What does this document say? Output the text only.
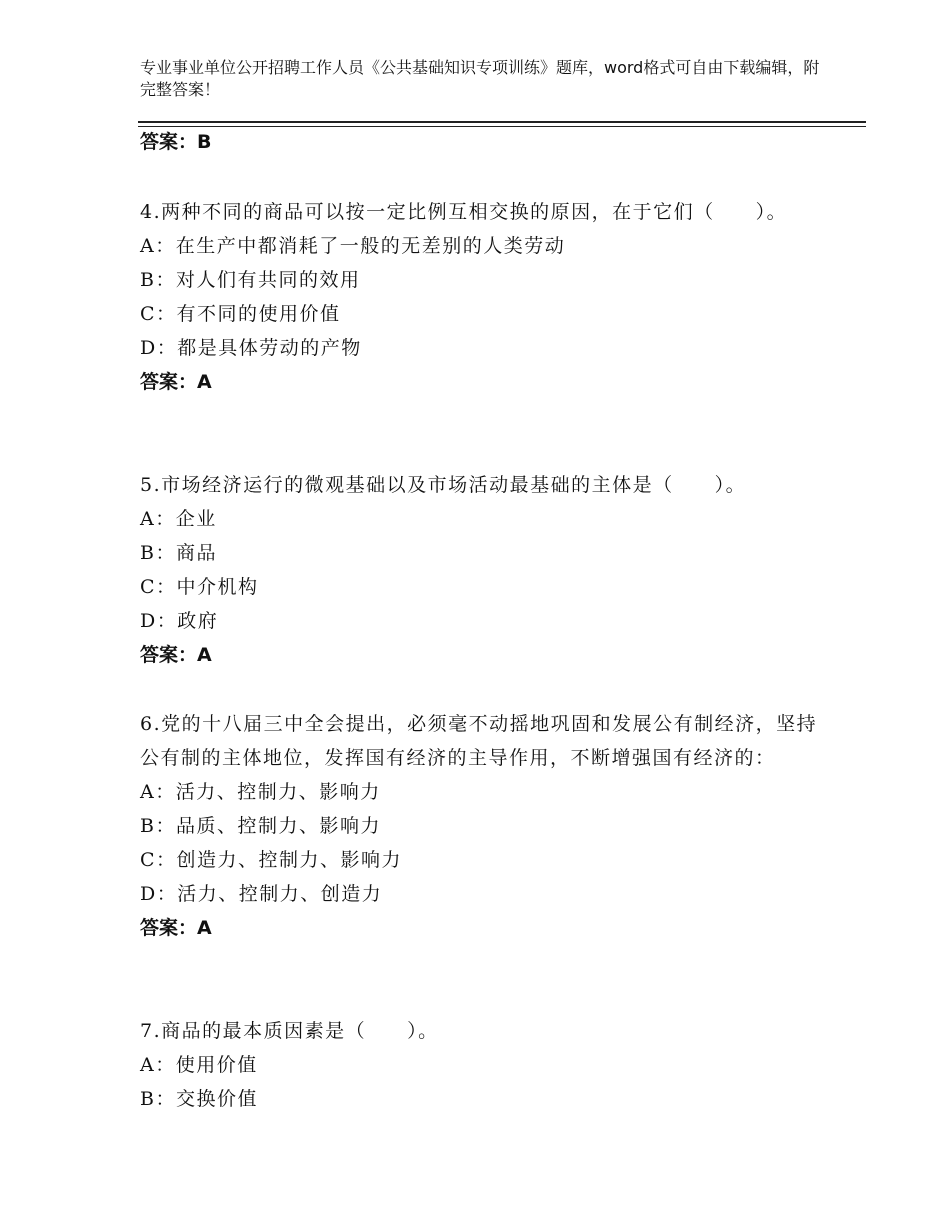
专业事业单位公开招聘工作人员《公共基础知识专项训练》题库，word格式可自由下载编辑，附完整答案！
答案：B
4.两种不同的商品可以按一定比例互相交换的原因，在于它们（　　）。
A：在生产中都消耗了一般的无差别的人类劳动
B：对人们有共同的效用
C：有不同的使用价值
D：都是具体劳动的产物
答案：A
5.市场经济运行的微观基础以及市场活动最基础的主体是（　　）。
A：企业
B：商品
C：中介机构
D：政府
答案：A
6.党的十八届三中全会提出，必须毫不动摇地巩固和发展公有制经济，坚持公有制的主体地位，发挥国有经济的主导作用，不断增强国有经济的：
A：活力、控制力、影响力
B：品质、控制力、影响力
C：创造力、控制力、影响力
D：活力、控制力、创造力
答案：A
7.商品的最本质因素是（　　）。
A：使用价值
B：交换价值
